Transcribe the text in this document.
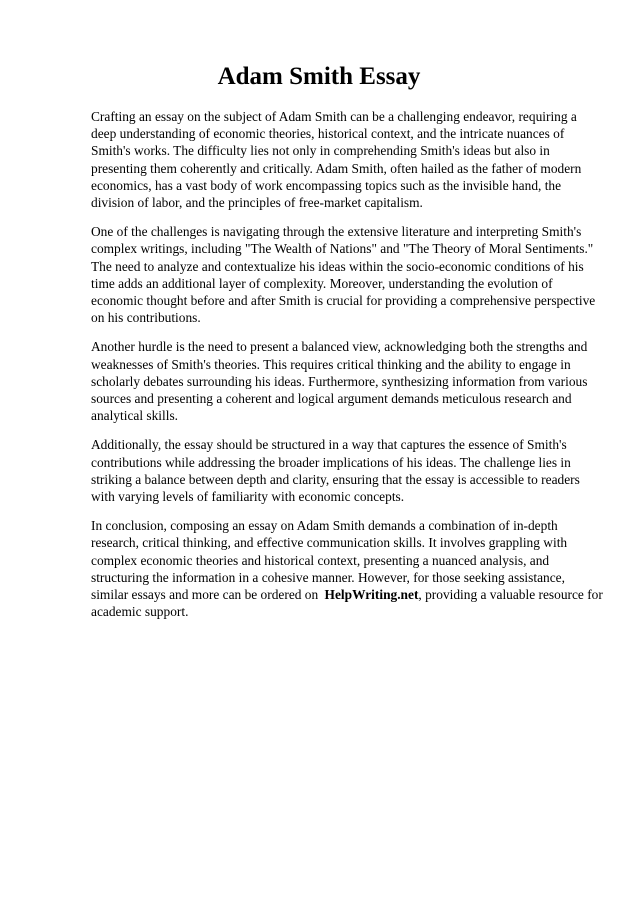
Adam Smith Essay

Crafting an essay on the subject of Adam Smith can be a challenging endeavor, requiring a deep understanding of economic theories, historical context, and the intricate nuances of Smith's works. The difficulty lies not only in comprehending Smith's ideas but also in presenting them coherently and critically. Adam Smith, often hailed as the father of modern economics, has a vast body of work encompassing topics such as the invisible hand, the division of labor, and the principles of free-market capitalism.

One of the challenges is navigating through the extensive literature and interpreting Smith's complex writings, including "The Wealth of Nations" and "The Theory of Moral Sentiments." The need to analyze and contextualize his ideas within the socio-economic conditions of his time adds an additional layer of complexity. Moreover, understanding the evolution of economic thought before and after Smith is crucial for providing a comprehensive perspective on his contributions.

Another hurdle is the need to present a balanced view, acknowledging both the strengths and weaknesses of Smith's theories. This requires critical thinking and the ability to engage in scholarly debates surrounding his ideas. Furthermore, synthesizing information from various sources and presenting a coherent and logical argument demands meticulous research and analytical skills.

Additionally, the essay should be structured in a way that captures the essence of Smith's contributions while addressing the broader implications of his ideas. The challenge lies in striking a balance between depth and clarity, ensuring that the essay is accessible to readers with varying levels of familiarity with economic concepts.

In conclusion, composing an essay on Adam Smith demands a combination of in-depth research, critical thinking, and effective communication skills. It involves grappling with complex economic theories and historical context, presenting a nuanced analysis, and structuring the information in a cohesive manner. However, for those seeking assistance, similar essays and more can be ordered on HelpWriting.net, providing a valuable resource for academic support.
